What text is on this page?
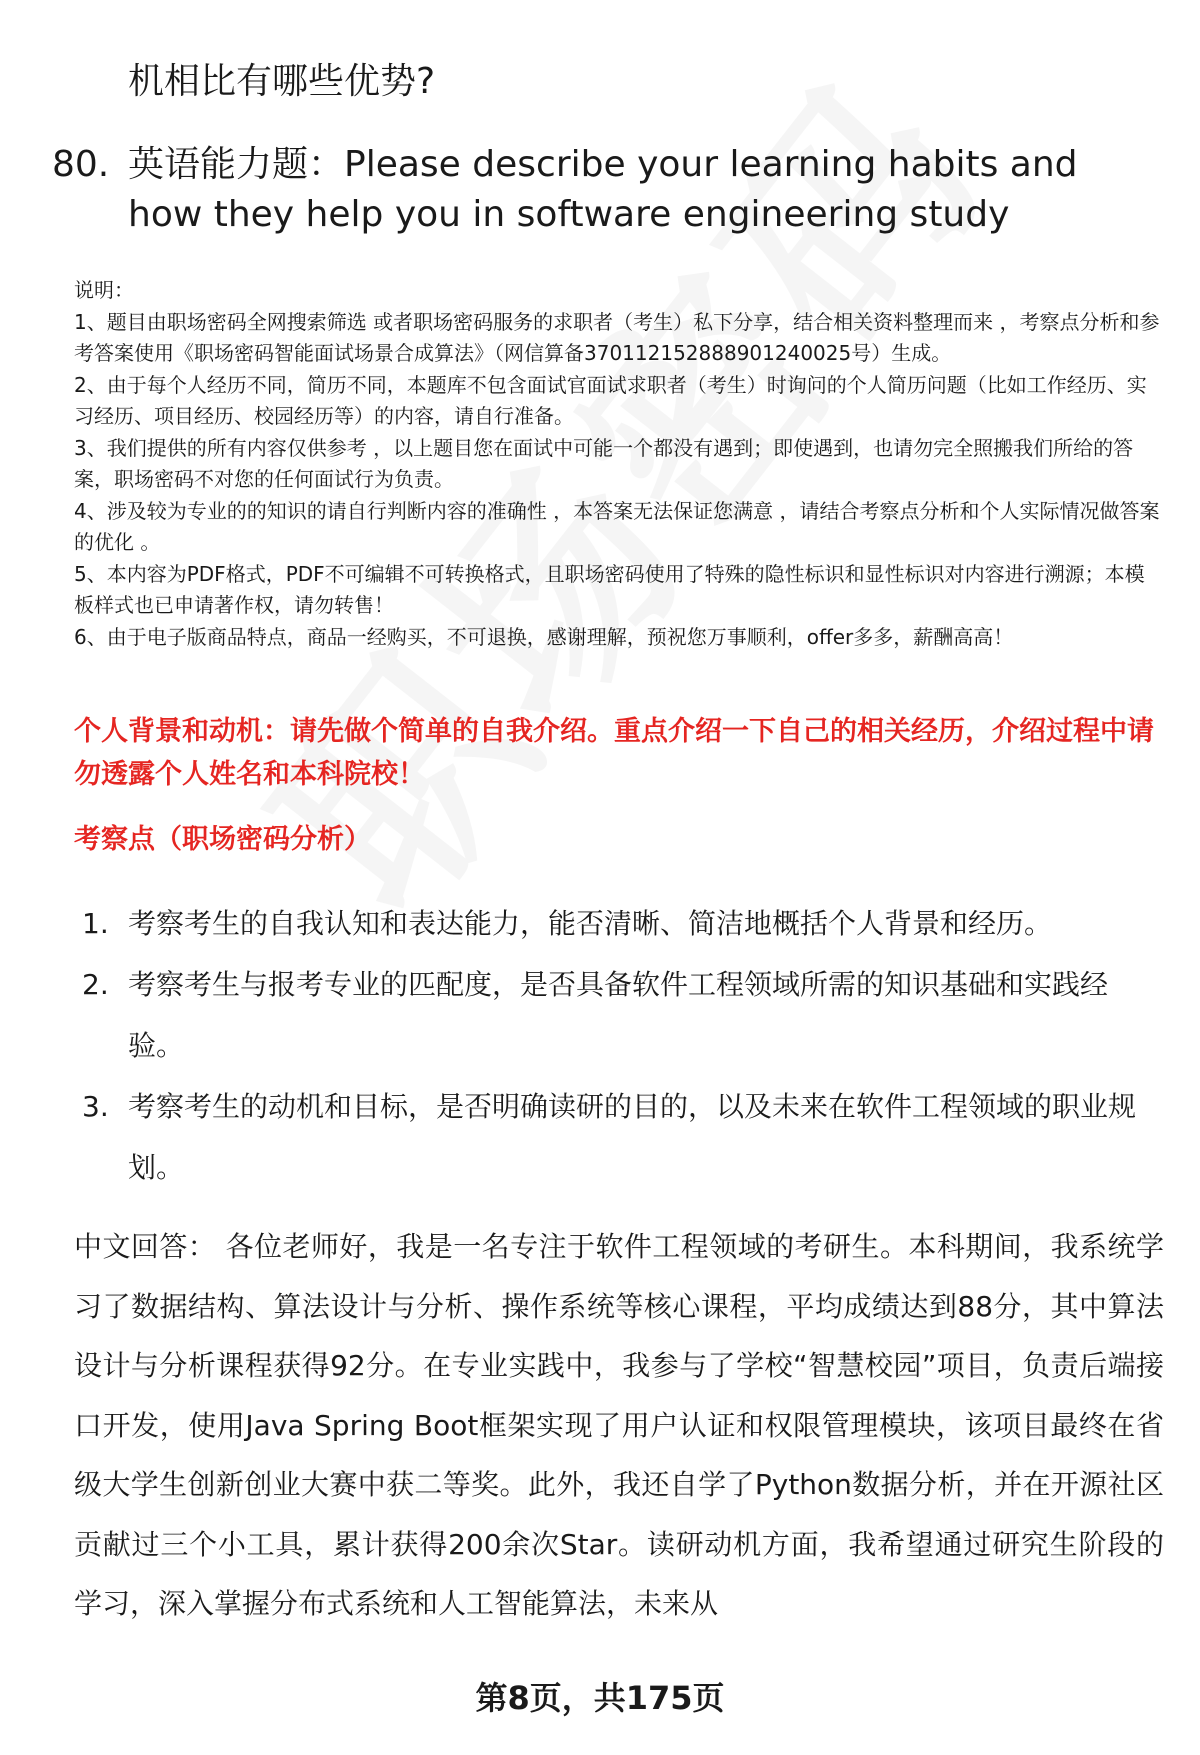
机相比有哪些优势?
80. 英语能力题：Please describe your learning habits and how they help you in software engineering study

说明：

1、题目由职场密码全网搜索筛选 或者职场密码服务的求职者（考生）私下分享，结合相关资料整理而来 ，考察点分析和参考答案使用《职场密码智能面试场景合成算法》（网信算备370112152888901240025号）生成。

2、由于每个人经历不同，简历不同，本题库不包含面试官面试求职者（考生）时询问的个人简历问题（比如工作经历、实习经历、项目经历、校园经历等）的内容，请自行准备。

3、我们提供的所有内容仅供参考 ，以上题目您在面试中可能一个都没有遇到；即使遇到，也请勿完全照搬我们所给的答案，职场密码不对您的任何面试行为负责。

4、涉及较为专业的的知识的请自行判断内容的准确性 ，本答案无法保证您满意 ，请结合考察点分析和个人实际情况做答案的优化 。

5、本内容为PDF格式，PDF不可编辑不可转换格式，且职场密码使用了特殊的隐性标识和显性标识对内容进行溯源；本模板样式也已申请著作权，请勿转售！

6、由于电子版商品特点，商品一经购买，不可退换，感谢理解，预祝您万事顺利，offer多多，薪酬高高！

个人背景和动机：请先做个简单的自我介绍。重点介绍一下自己的相关经历，介绍过程中请勿透露个人姓名和本科院校！
考察点（职场密码分析）
1. 考察考生的自我认知和表达能力，能否清晰、简洁地概括个人背景和经历。
2. 考察考生与报考专业的匹配度，是否具备软件工程领域所需的知识基础和实践经验。
3. 考察考生的动机和目标，是否明确读研的目的，以及未来在软件工程领域的职业规划。
中文回答： 各位老师好，我是一名专注于软件工程领域的考研生。本科期间，我系统学习了数据结构、算法设计与分析、操作系统等核心课程，平均成绩达到88分，其中算法设计与分析课程获得92分。在专业实践中，我参与了学校“智慧校园”项目，负责后端接口开发，使用Java Spring Boot框架实现了用户认证和权限管理模块，该项目最终在省级大学生创新创业大赛中获二等奖。此外，我还自学了Python数据分析，并在开源社区贡献过三个小工具，累计获得200余次Star。读研动机方面，我希望通过研究生阶段的学习，深入掌握分布式系统和人工智能算法，未来从
第8页，共175页
